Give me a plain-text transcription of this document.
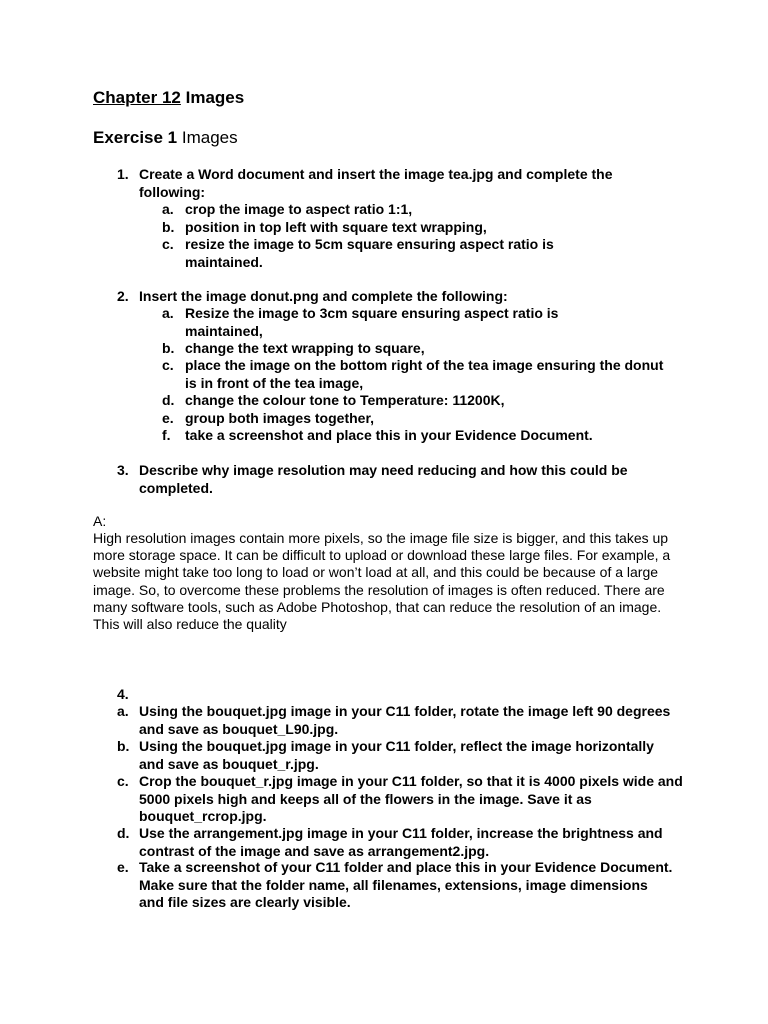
Chapter 12 Images
Exercise 1 Images
1. Create a Word document and insert the image tea.jpg and complete the following:
a. crop the image to aspect ratio 1:1,
b. position in top left with square text wrapping,
c. resize the image to 5cm square ensuring aspect ratio is maintained.
2. Insert the image donut.png and complete the following:
a. Resize the image to 3cm square ensuring aspect ratio is maintained,
b. change the text wrapping to square,
c. place the image on the bottom right of the tea image ensuring the donut is in front of the tea image,
d. change the colour tone to Temperature: 11200K,
e. group both images together,
f. take a screenshot and place this in your Evidence Document.
3. Describe why image resolution may need reducing and how this could be completed.
4.
a. Using the bouquet.jpg image in your C11 folder, rotate the image left 90 degrees and save as bouquet_L90.jpg.
b. Using the bouquet.jpg image in your C11 folder, reflect the image horizontally and save as bouquet_r.jpg.
c. Crop the bouquet_r.jpg image in your C11 folder, so that it is 4000 pixels wide and 5000 pixels high and keeps all of the flowers in the image. Save it as bouquet_rcrop.jpg.
d. Use the arrangement.jpg image in your C11 folder, increase the brightness and contrast of the image and save as arrangement2.jpg.
e. Take a screenshot of your C11 folder and place this in your Evidence Document. Make sure that the folder name, all filenames, extensions, image dimensions and file sizes are clearly visible.
A:
High resolution images contain more pixels, so the image file size is bigger, and this takes up more storage space. It can be difficult to upload or download these large files. For example, a website might take too long to load or won’t load at all, and this could be because of a large image. So, to overcome these problems the resolution of images is often reduced. There are many software tools, such as Adobe Photoshop, that can reduce the resolution of an image. This will also reduce the quality
